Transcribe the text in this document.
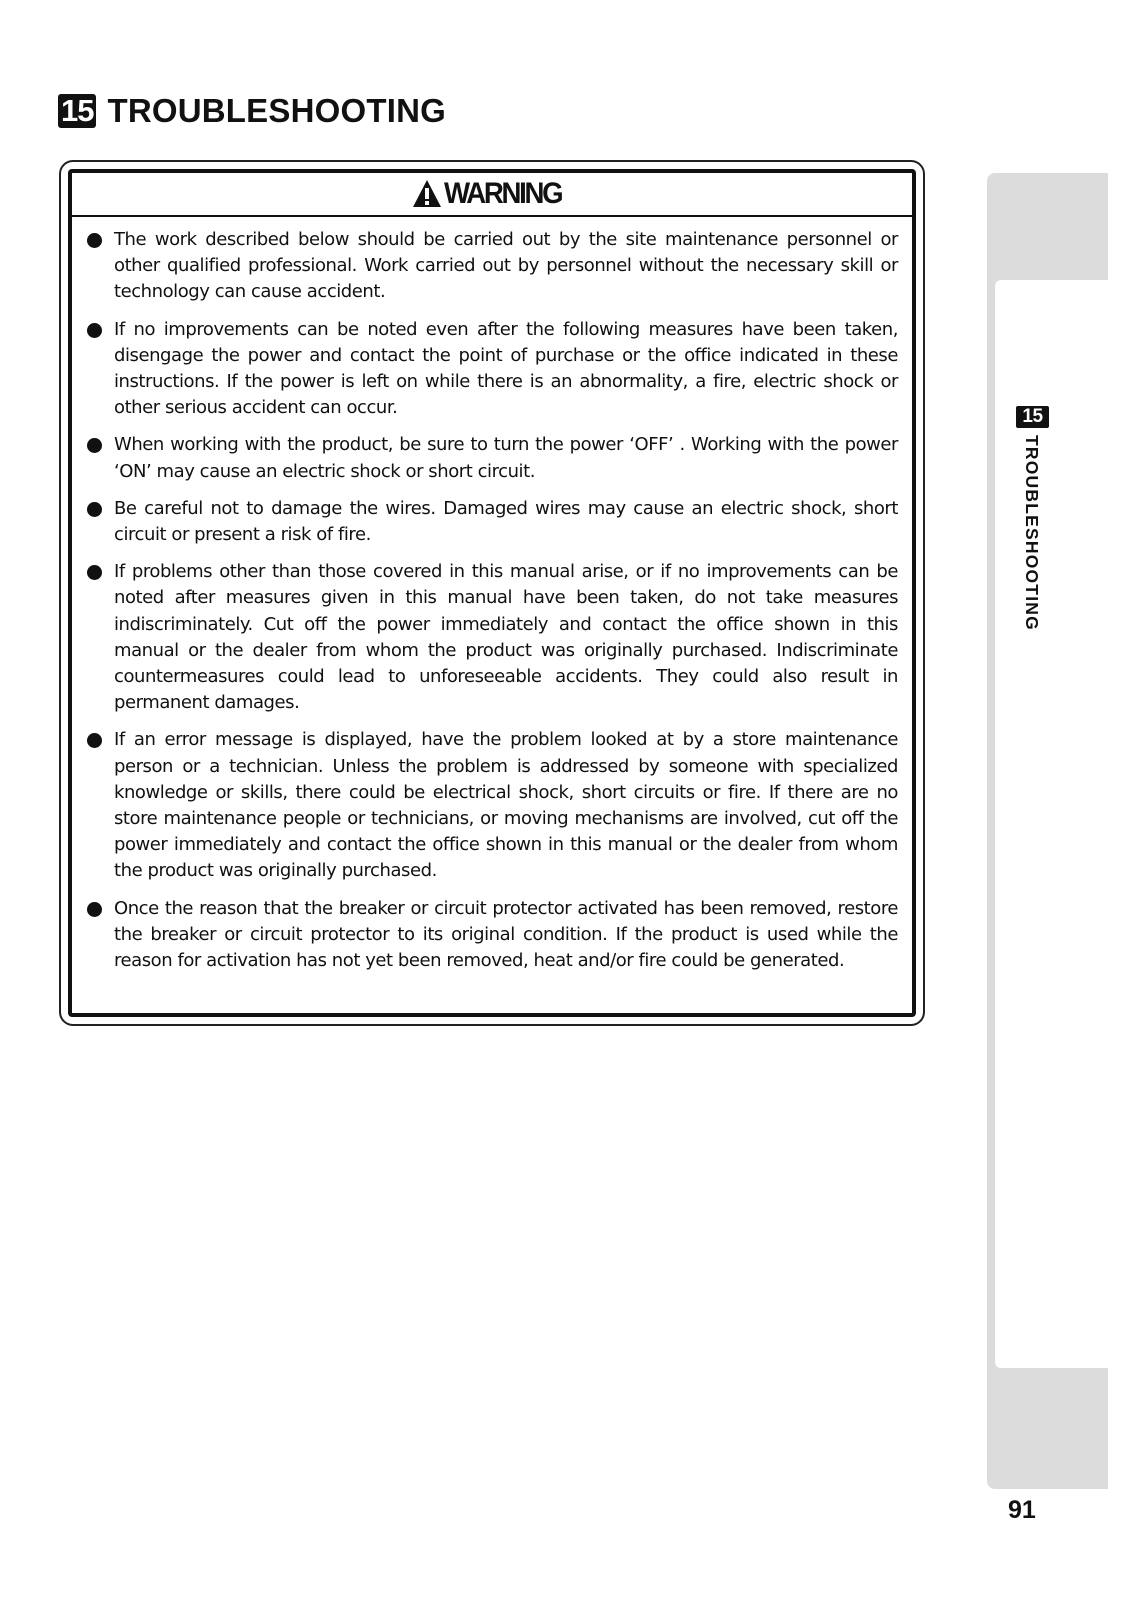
15 TROUBLESHOOTING
WARNING
The work described below should be carried out by the site maintenance personnel or other qualified professional. Work carried out by personnel without the necessary skill or technology can cause accident.
If no improvements can be noted even after the following measures have been taken, disengage the power and contact the point of purchase or the office indicated in these instructions. If the power is left on while there is an abnormality, a fire, electric shock or other serious accident can occur.
When working with the product, be sure to turn the power ‘OFF’ . Working with the power ‘ON’ may cause an electric shock or short circuit.
Be careful not to damage the wires. Damaged wires may cause an electric shock, short circuit or present a risk of fire.
If problems other than those covered in this manual arise, or if no improvements can be noted after measures given in this manual have been taken, do not take measures indiscriminately. Cut off the power immediately and contact the office shown in this manual or the dealer from whom the product was originally purchased. Indiscriminate countermeasures could lead to unforeseeable accidents. They could also result in permanent damages.
If an error message is displayed, have the problem looked at by a store maintenance person or a technician. Unless the problem is addressed by someone with specialized knowledge or skills, there could be electrical shock, short circuits or fire. If there are no store maintenance people or technicians, or moving mechanisms are involved, cut off the power immediately and contact the office shown in this manual or the dealer from whom the product was originally purchased.
Once the reason that the breaker or circuit protector activated has been removed, restore the breaker or circuit protector to its original condition. If the product is used while the reason for activation has not yet been removed, heat and/or fire could be generated.
15
TROUBLESHOOTING
91
